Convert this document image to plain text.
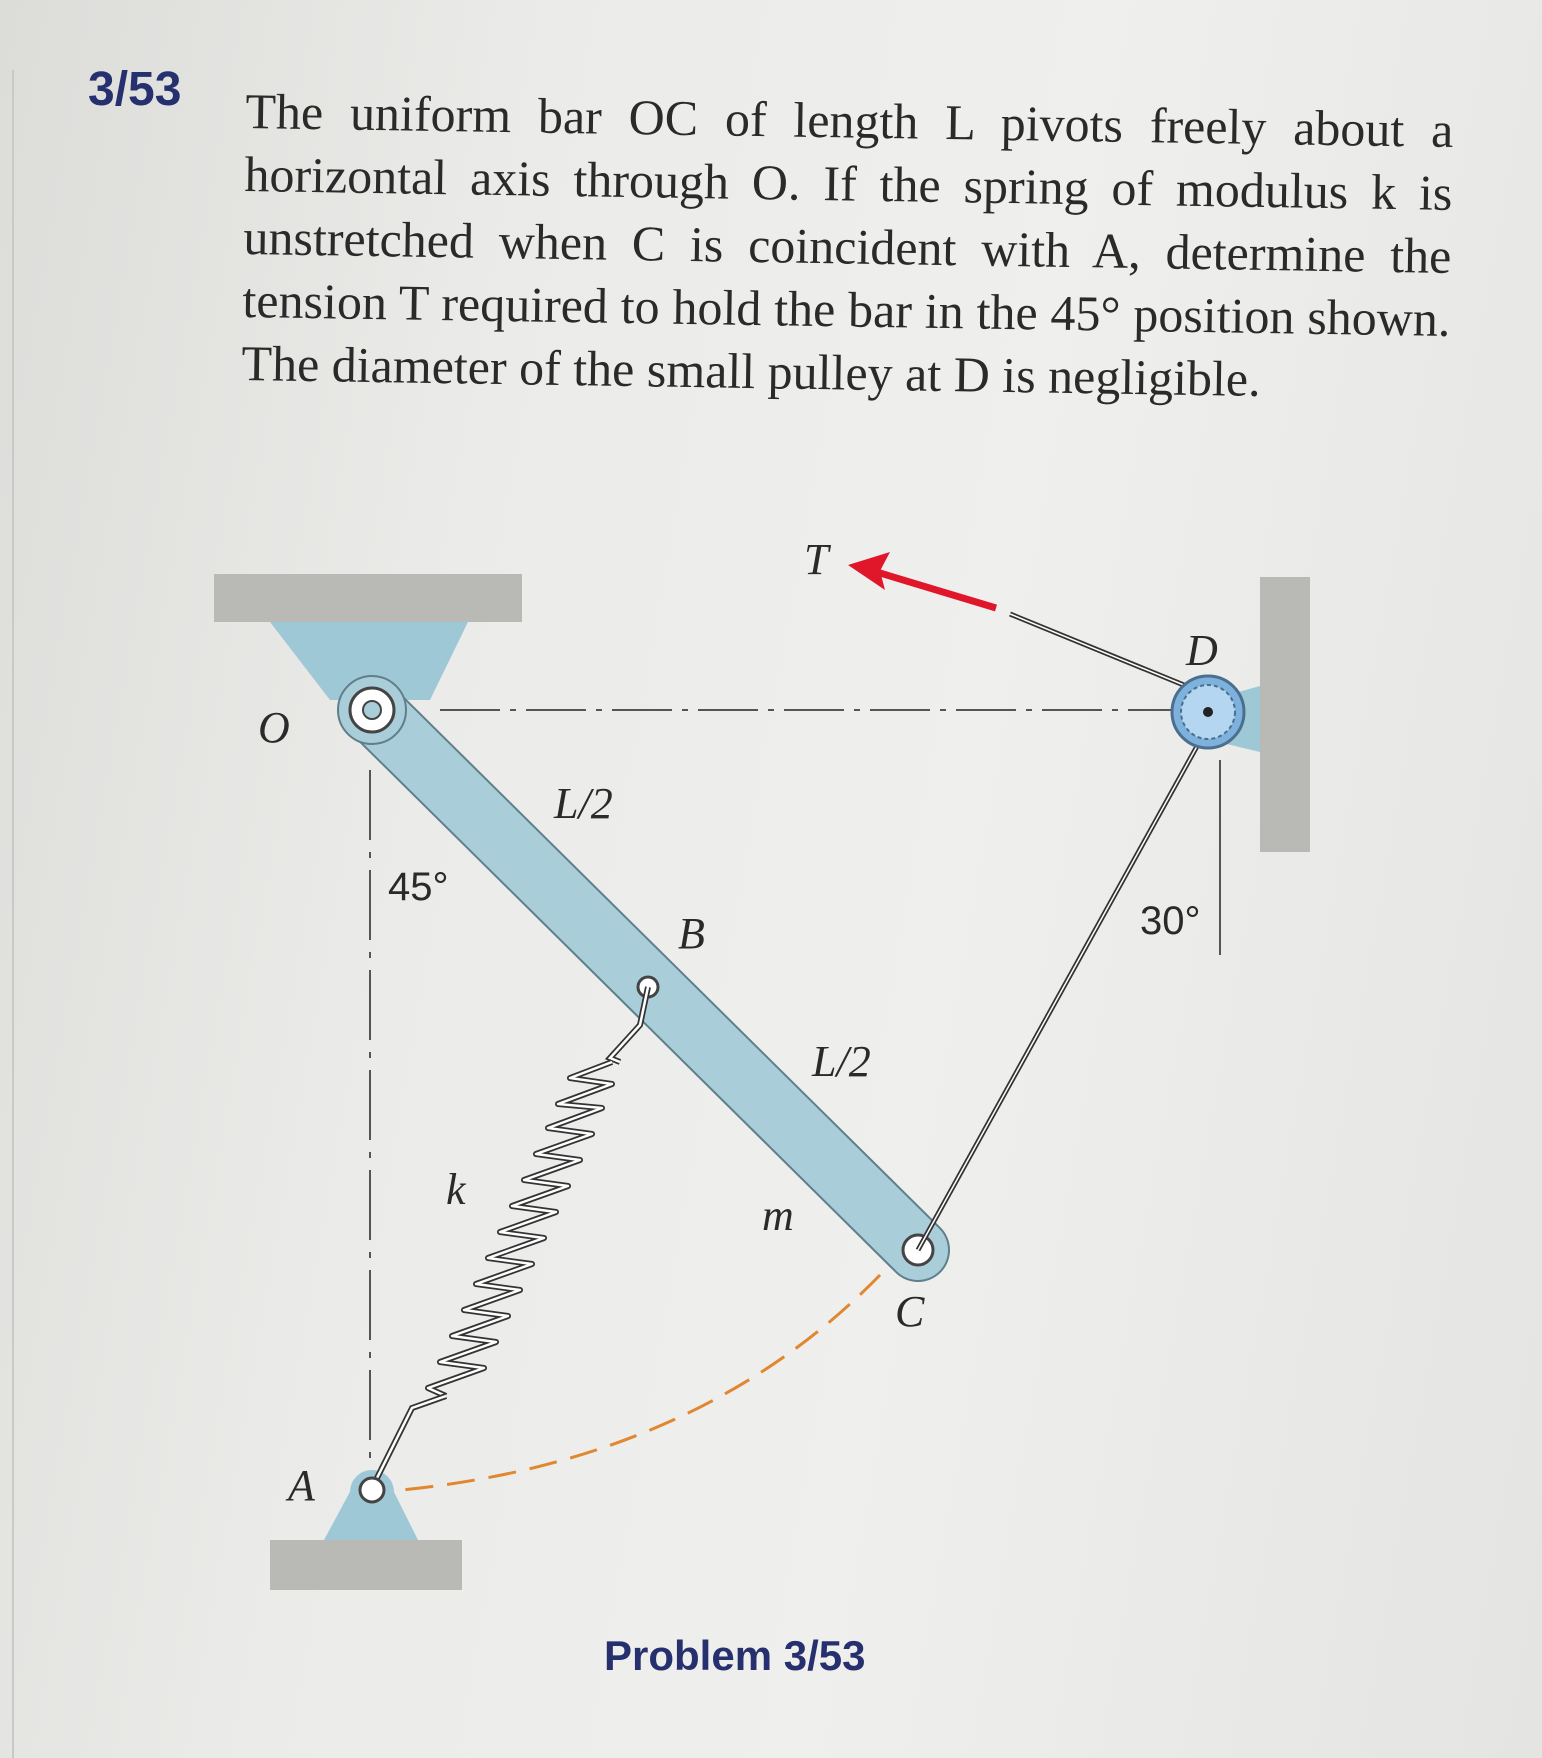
3/53 The uniform bar OC of length L pivots freely about a horizontal axis through O. If the spring of modulus k is unstretched when C is coincident with A, determine the tension T required to hold the bar in the 45° position shown. The diameter of the small pulley at D is negligible.

O
A
B
C
D
T
k
m
L/2
L/2
45°
30°
Problem 3/53
